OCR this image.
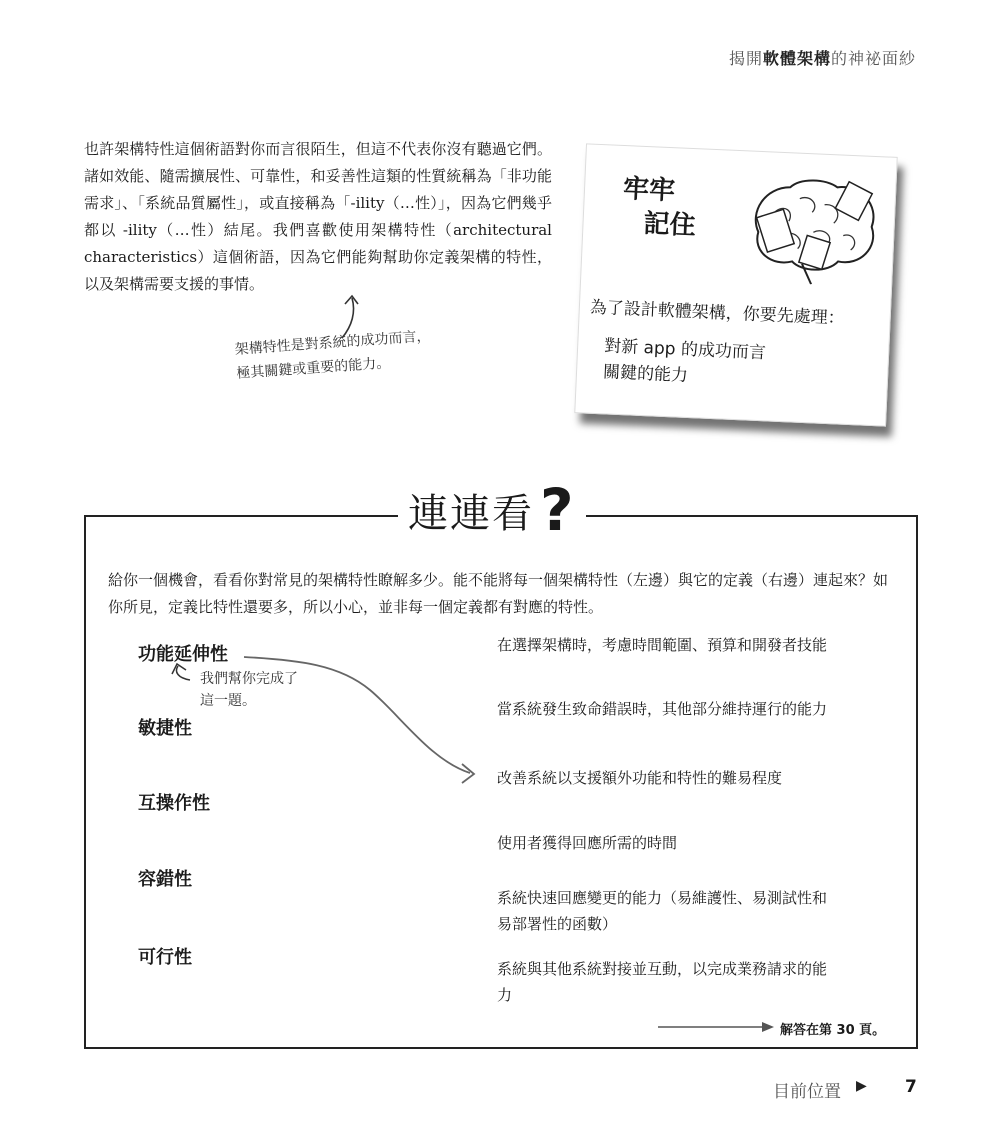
揭開軟體架構的神祕面紗

也許架構特性這個術語對你而言很陌生，但這不代表你沒有聽過它們。諸如效能、隨需擴展性、可靠性，和妥善性這類的性質統稱為「非功能需求」、「系統品質屬性」，或直接稱為「-ility（…性）」，因為它們幾乎都以 -ility（…性）結尾。我們喜歡使用架構特性（architectural characteristics）這個術語，因為它們能夠幫助你定義架構的特性，以及架構需要支援的事情。

架構特性是對系統的成功而言，
極其關鍵或重要的能力。
牢牢
記住
為了設計軟體架構，你要先處理：
對新 app 的成功而言
關鍵的能力
連連看 ?
給你一個機會，看看你對常見的架構特性瞭解多少。能不能將每一個架構特性（左邊）與它的定義（右邊）連起來？如你所見，定義比特性還要多，所以小心，並非每一個定義都有對應的特性。
功能延伸性
敏捷性
互操作性
容錯性
可行性
在選擇架構時，考慮時間範圍、預算和開發者技能
當系統發生致命錯誤時，其他部分維持運行的能力
改善系統以支援額外功能和特性的難易程度
使用者獲得回應所需的時間
系統快速回應變更的能力（易維護性、易測試性和易部署性的函數）
系統與其他系統對接並互動，以完成業務請求的能力
我們幫你完成了
這一題。
解答在第 30 頁。
目前位置 ▶ 7
